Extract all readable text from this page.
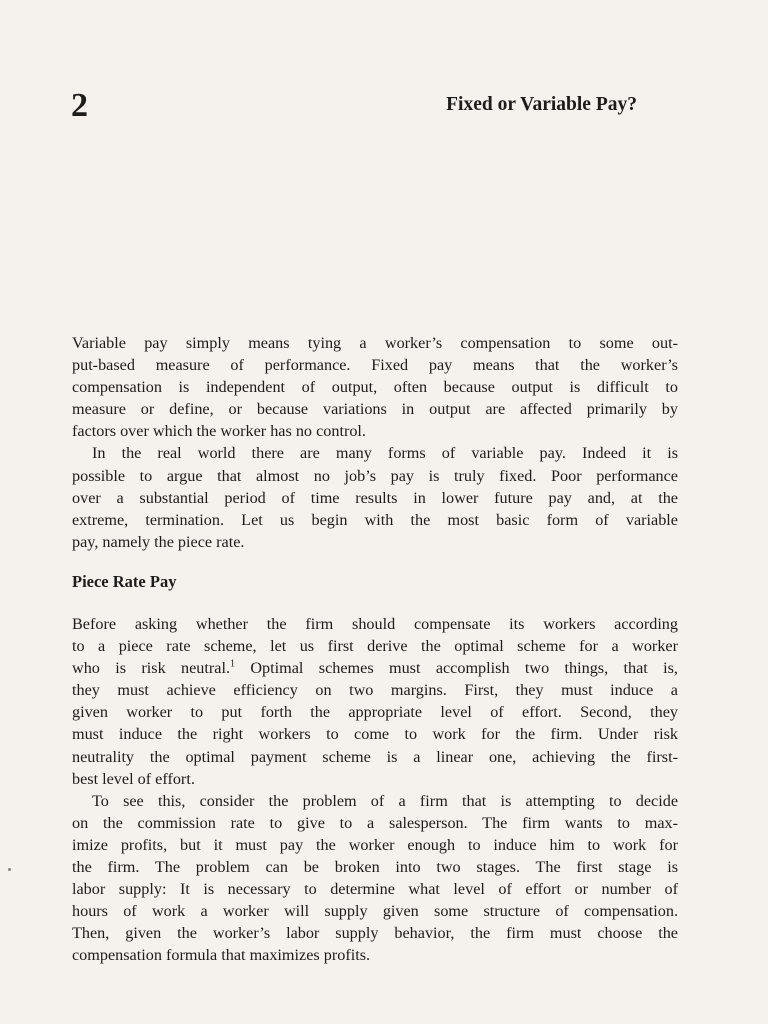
2	Fixed or Variable Pay?

Variable pay simply means tying a worker’s compensation to some out-
put-based measure of performance. Fixed pay means that the worker’s
compensation is independent of output, often because output is difficult to
measure or define, or because variations in output are affected primarily by
factors over which the worker has no control.

In the real world there are many forms of variable pay. Indeed it is
possible to argue that almost no job’s pay is truly fixed. Poor performance
over a substantial period of time results in lower future pay and, at the
extreme, termination. Let us begin with the most basic form of variable
pay, namely the piece rate.

Piece Rate Pay

Before asking whether the firm should compensate its workers according
to a piece rate scheme, let us first derive the optimal scheme for a worker
who is risk neutral.$^1$ Optimal schemes must accomplish two things, that is,
they must achieve efficiency on two margins. First, they must induce a
given worker to put forth the appropriate level of effort. Second, they
must induce the right workers to come to work for the firm. Under risk
neutrality the optimal payment scheme is a linear one, achieving the first-
best level of effort.

To see this, consider the problem of a firm that is attempting to decide
on the commission rate to give to a salesperson. The firm wants to max-
imize profits, but it must pay the worker enough to induce him to work for
the firm. The problem can be broken into two stages. The first stage is
labor supply: It is necessary to determine what level of effort or number of
hours of work a worker will supply given some structure of compensation.
Then, given the worker’s labor supply behavior, the firm must choose the
compensation formula that maximizes profits.
